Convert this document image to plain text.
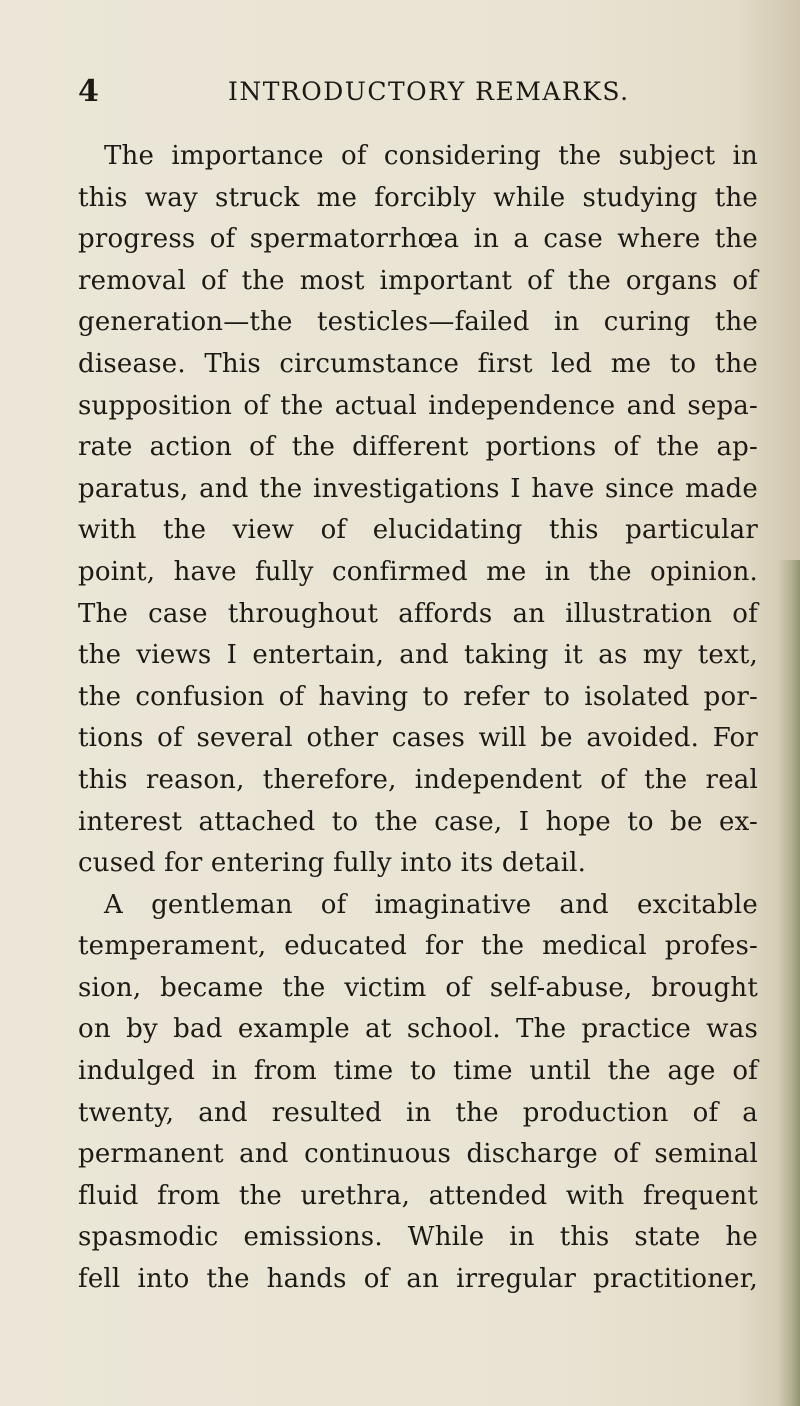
4	INTRODUCTORY REMARKS.
The importance of considering the subject in
this way struck me forcibly while studying the
progress of spermatorrhœa in a case where the
removal of the most important of the organs of
generation—the testicles—failed in curing the
disease. This circumstance first led me to the
supposition of the actual independence and sepa-
rate action of the different portions of the ap-
paratus, and the investigations I have since made
with the view of elucidating this particular
point, have fully confirmed me in the opinion.
The case throughout affords an illustration of
the views I entertain, and taking it as my text,
the confusion of having to refer to isolated por-
tions of several other cases will be avoided. For
this reason, therefore, independent of the real
interest attached to the case, I hope to be ex-
cused for entering fully into its detail.
A gentleman of imaginative and excitable
temperament, educated for the medical profes-
sion, became the victim of self-abuse, brought
on by bad example at school. The practice was
indulged in from time to time until the age of
twenty, and resulted in the production of a
permanent and continuous discharge of seminal
fluid from the urethra, attended with frequent
spasmodic emissions. While in this state he
fell into the hands of an irregular practitioner,
